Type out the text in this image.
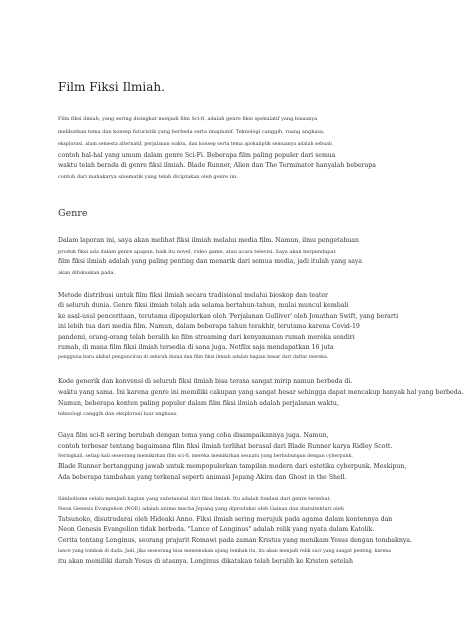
Film Fiksi Ilmiah.
Film fiksi ilmiah, yang sering disingkat menjadi film Sci-fi, adalah genre fiksi spekulatif yang biasanya
melibatkan tema dan konsep futuristik yang berbeda serta imajinatif. Teknologi canggih, ruang angkasa,
eksplorasi, alam semesta alternatif, perjalanan waktu, dan konsep serta tema apokaliptik semuanya adalah sebuah
contoh hal-hal yang umum dalam genre Sci-Fi. Beberapa film paling populer dari semua
waktu telah berada di genre fiksi ilmiah. Blade Runner, Alien dan The Terminator hanyalah beberapa
contoh dari mahakarya sinematik yang telah diciptakan oleh genre ini.
Genre
Dalam laporan ini, saya akan melihat fiksi ilmiah melalui media film. Namun, ilmu pengetahuan
produk fiksi ada dalam genre apapun, baik itu novel, video game, atau acara televisi. Saya akan berpendapat
film fiksi ilmiah adalah yang paling penting dan menarik dari semua media, jadi itulah yang saya
akan difokuskan pada.
Metode distribusi untuk film fiksi ilmiah secara tradisional melalui bioskop dan teater
di seluruh dunia. Genre fiksi ilmiah telah ada selama bertahun-tahun, mulai muncul kembali
ke asal-usul penceritaan, terutama dipopulerkan oleh 'Perjalanan Gulliver' oleh Jonathan Swift, yang berarti
ini lebih tua dari media film. Namun, dalam beberapa tahun terakhir, terutama karena Covid-19
pandemi, orang-orang telah beralih ke film streaming dari kenyamanan rumah mereka sendiri
rumah, di mana film fiksi ilmiah tersedia di sana juga. Netflix saja mendapatkan 16 juta
pengguna baru akibat pengunciran di seluruh dunia dan film fiksi ilmiah adalah bagian besar dari daftar mereka.
Kode generik dan konvensi di seluruh fiksi ilmiah bisa terasa sangat mirip namun berbeda di.
waktu yang sama. Ini karena genre ini memiliki cakupan yang sangat besar sehingga dapat mencakup banyak hal yang berbeda.
Namun, beberapa konten paling populer dalam film fiksi ilmiah adalah perjalanan waktu,
teknologi canggih dan eksplorasi luar angkasa.
Gaya film sci-fi sering berubah dengan tema yang coba disampaikannya juga. Namun,
contoh terbesar tentang bagaimana film fiksi ilmiah terlihat berasal dari Blade Runner karya Ridley Scott.
Seringkali, setiap kali seseorang memikirkan film sci-fi, mereka memikirkan sesuatu yang berhubungan dengan cyberpunk.
Blade Runner bertanggung jawab untuk mempopulerkan tampilan modern dari estetika cyberpunk. Meskipun,
Ada beberapa tambahan yang terkenal seperti animasi Jepang Akira dan Ghost in the Shell.
Simbolisme selalu menjadi bagian yang substansial dari fiksi ilmiah. Itu adalah fondasi dari genre tersebut.
Neon Genesis Evangelion (NGE) adalah anime mecha Jepang yang diproduksi oleh Gainax dan diarsitekturi oleh
Tatsunoko, disutradarai oleh Hideaki Anno. Fiksi ilmiah sering merujuk pada agama dalam kontennya dan
Neon Genesis Evangelion tidak berbeda. "Lance of Longinus" adalah relik yang nyata dalam Katolik.
Cerita tentang Longinus, seorang prajurit Romawi pada zaman Kristus yang menikam Yesus dengan tombaknya.
lance yang tombak di dada. Jadi, jika seseorang bisa menemukan ujung tombak itu, itu akan menjadi relik suci yang sangat penting, karena
itu akan memiliki darah Yesus di atasnya. Longinus dikatakan telah beralih ke Kristen setelah
